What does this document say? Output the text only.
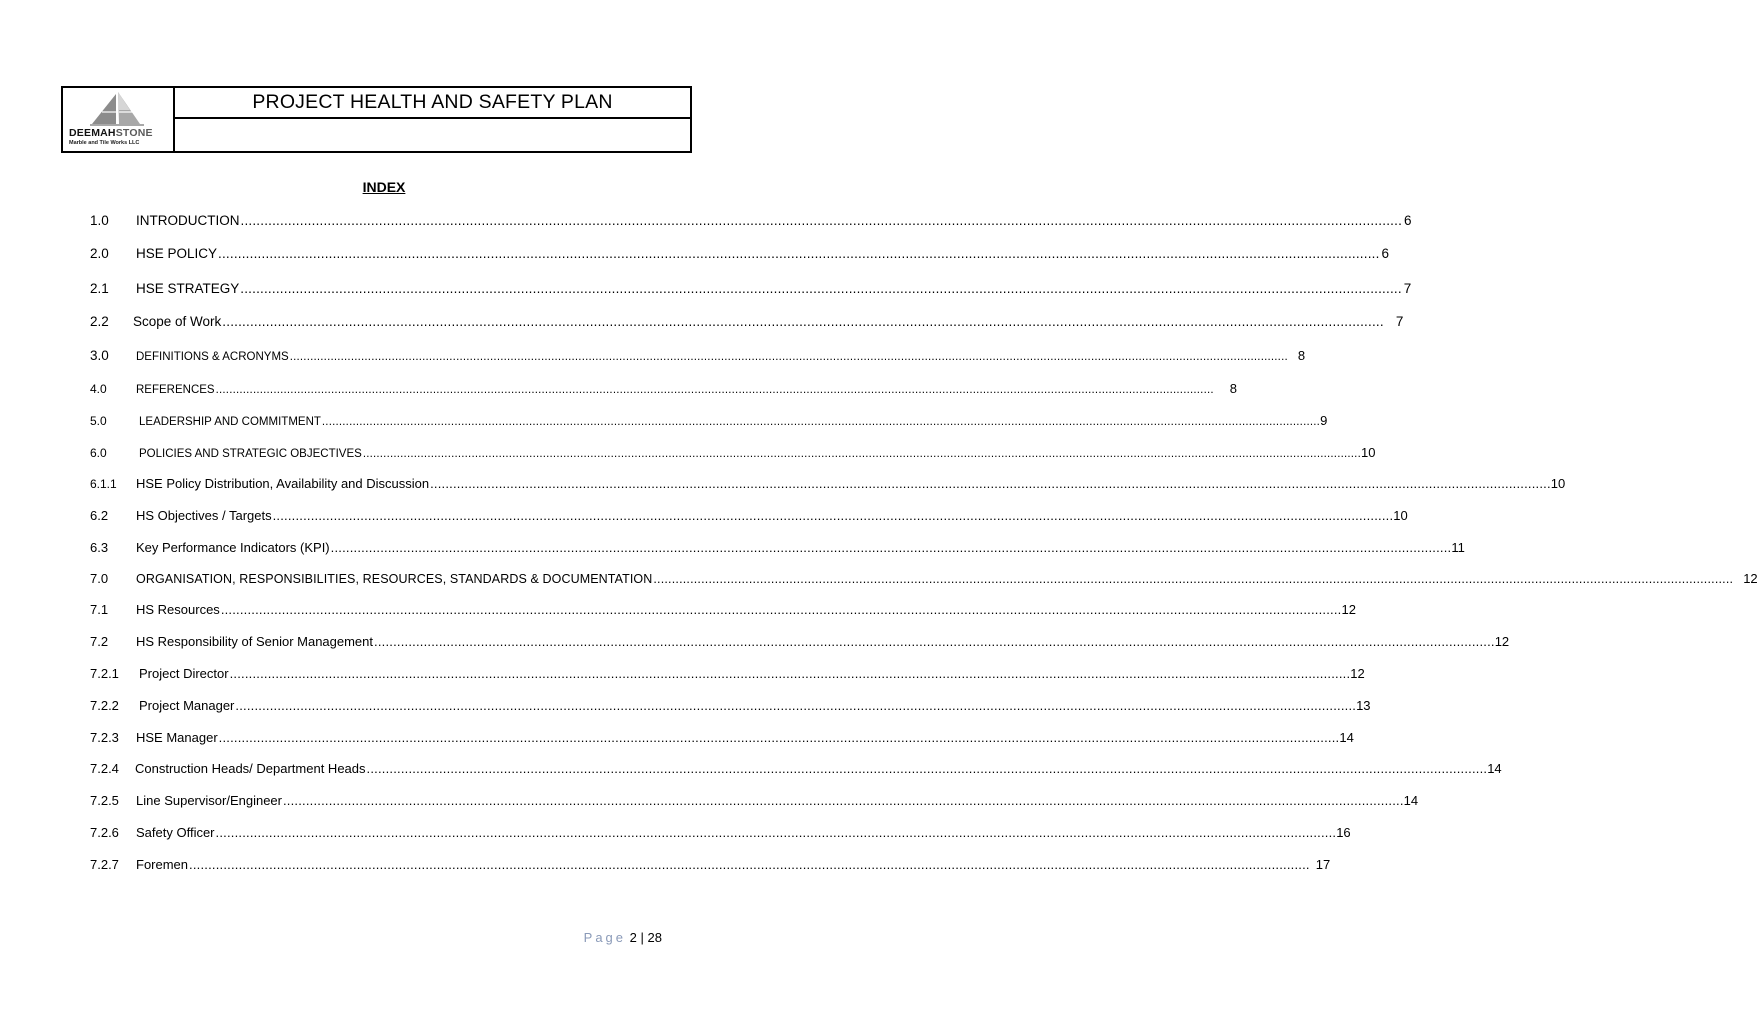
DEEMAHSTONE
Marble and Tile Works LLC
PROJECT HEALTH AND SAFETY PLAN
INDEX
1.0	INTRODUCTION .....	6
2.0	HSE POLICY .....	6
2.1	HSE STRATEGY .....	7
2.2	Scope of Work .....	7
3.0	DEFINITIONS & ACRONYMS .....	8
4.0	REFERENCES .....	8
5.0	LEADERSHIP AND COMMITMENT .....	9
6.0	POLICIES AND STRATEGIC OBJECTIVES .....	10
6.1.1	HSE Policy Distribution, Availability and Discussion .....	10
6.2	HS Objectives / Targets .....	10
6.3	Key Performance Indicators (KPI) .....	11
7.0	ORGANISATION, RESPONSIBILITIES, RESOURCES, STANDARDS & DOCUMENTATION .....	12
7.1	HS Resources .....	12
7.2	HS Responsibility of Senior Management .....	12
7.2.1	Project Director .....	12
7.2.2	Project Manager .....	13
7.2.3	HSE Manager .....	14
7.2.4	Construction Heads/ Department Heads .....	14
7.2.5	Line Supervisor/Engineer .....	14
7.2.6	Safety Officer .....	16
7.2.7	Foremen .....	17
Page 2 | 28
